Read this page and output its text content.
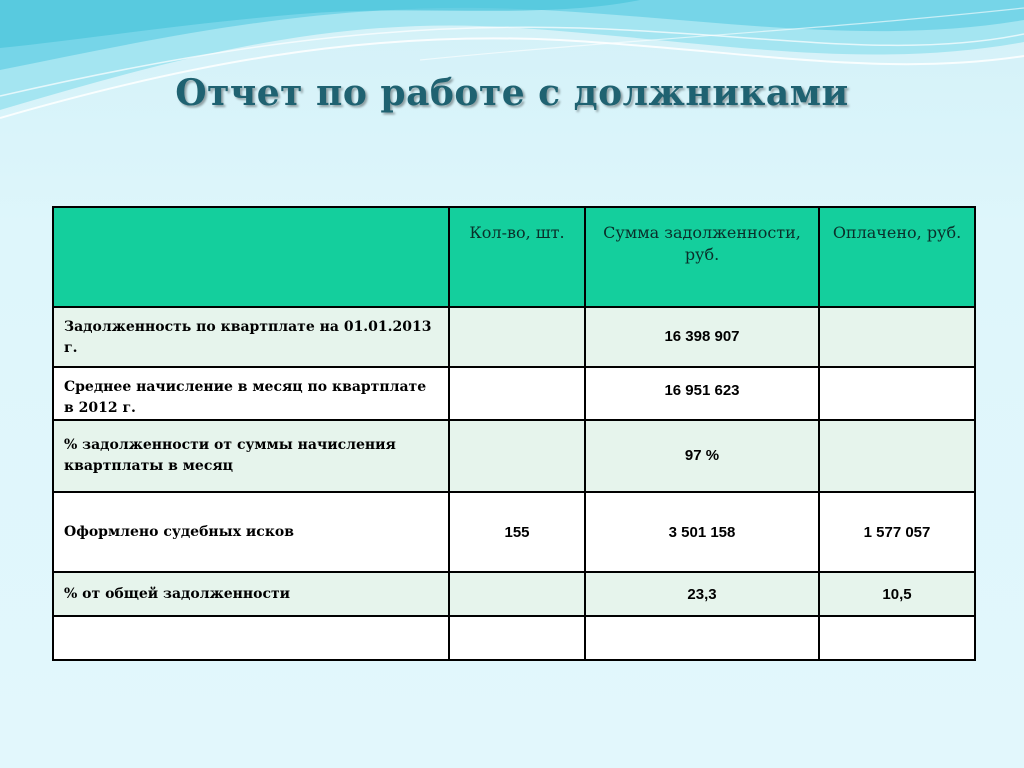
Отчет по работе с должниками

	Кол-во, шт.	Сумма задолженности, руб.	Оплачено, руб.

Задолженность по квартплате на 01.01.2013 г.		16 398 907	
Среднее начисление в месяц по квартплате в 2012 г.		16 951 623	
% задолженности от суммы начисления квартплаты в месяц		97 %	
Оформлено судебных исков	155	3 501 158	1 577 057
% от общей задолженности		23,3	10,5
